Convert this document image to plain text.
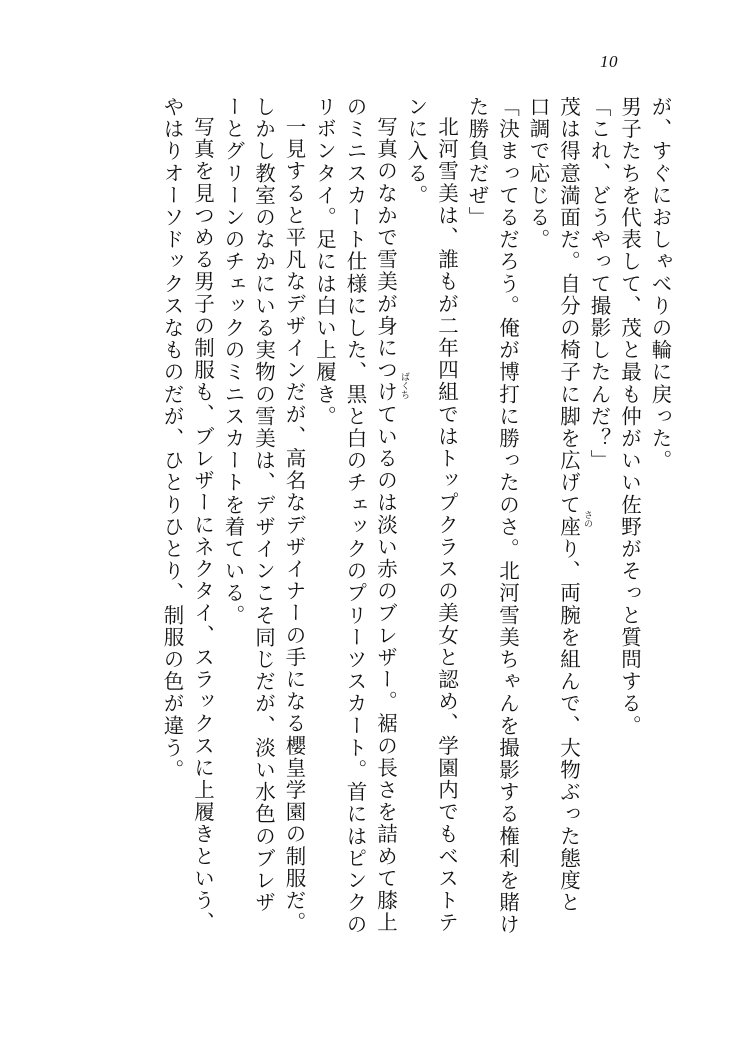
10
が、すぐにおしゃべりの輪に戻った。
男子たちを代表して、茂と最も仲がいい佐野がそっと質問する。
「これ、どうやって撮影したんだ？」
茂は得意満面だ。自分の椅子に脚を広げて座り、両腕を組んで、大物ぶった態度と
口調で応じる。
「決まってるだろう。俺が博打に勝ったのさ。北河雪美ちゃんを撮影する権利を賭け
た勝負だぜ」
北河雪美は、誰もが二年四組ではトップクラスの美女と認め、学園内でもベストテ
ンに入る。
写真のなかで雪美が身につけているのは淡い赤のブレザー。裾の長さを詰めて膝上
のミニスカート仕様にした、黒と白のチェックのプリーツスカート。首にはピンクの
リボンタイ。足には白い上履き。
一見すると平凡なデザインだが、高名なデザイナーの手になる櫻皇学園の制服だ。
しかし教室のなかにいる実物の雪美は、デザインこそ同じだが、淡い水色のブレザ
ーとグリーンのチェックのミニスカートを着ている。
写真を見つめる男子の制服も、ブレザーにネクタイ、スラックスに上履きという、
やはりオーソドックスなものだが、ひとりひとり、制服の色が違う。	さの
ばくち
